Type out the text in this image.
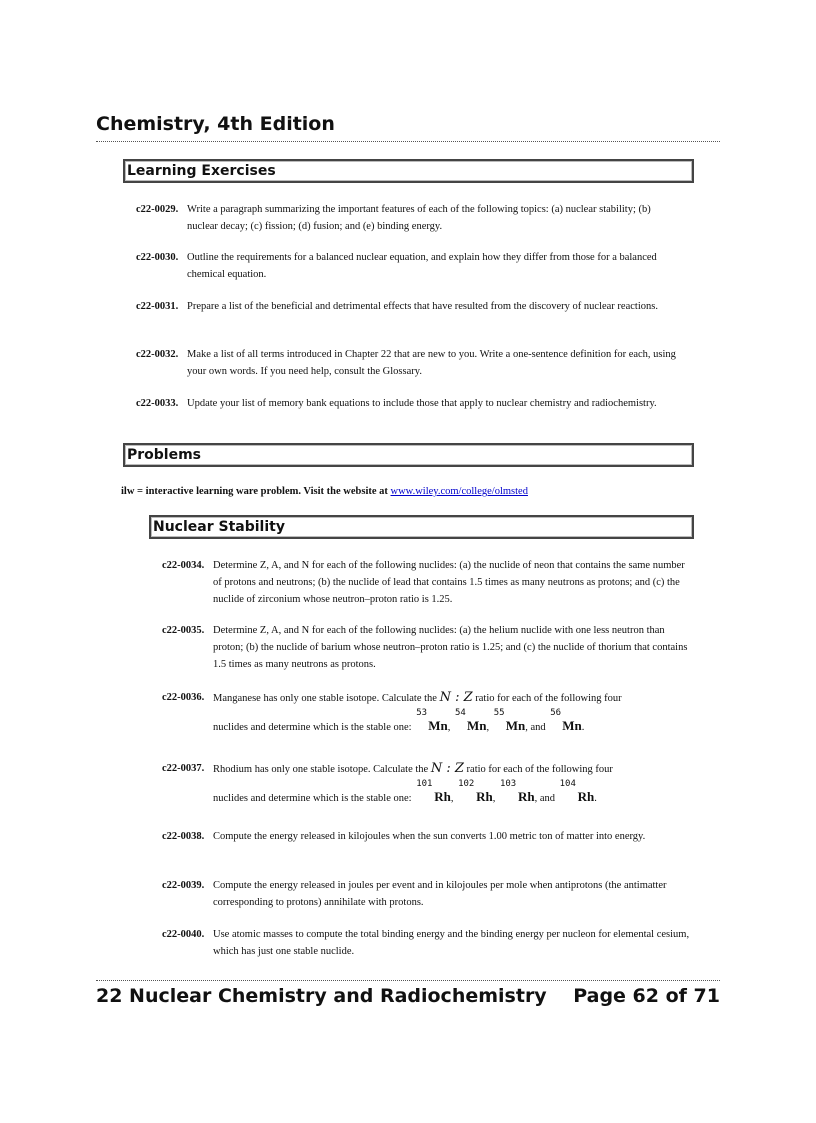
Chemistry, 4th Edition
Learning Exercises
c22-0029. Write a paragraph summarizing the important features of each of the following topics: (a) nuclear stability; (b) nuclear decay; (c) fission; (d) fusion; and (e) binding energy.
c22-0030. Outline the requirements for a balanced nuclear equation, and explain how they differ from those for a balanced chemical equation.
c22-0031. Prepare a list of the beneficial and detrimental effects that have resulted from the discovery of nuclear reactions.
c22-0032. Make a list of all terms introduced in Chapter 22 that are new to you. Write a one-sentence definition for each, using your own words. If you need help, consult the Glossary.
c22-0033. Update your list of memory bank equations to include those that apply to nuclear chemistry and radiochemistry.
Problems
ilw = interactive learning ware problem. Visit the website at www.wiley.com/college/olmsted
Nuclear Stability
c22-0034. Determine Z, A, and N for each of the following nuclides: (a) the nuclide of neon that contains the same number of protons and neutrons; (b) the nuclide of lead that contains 1.5 times as many neutrons as protons; and (c) the nuclide of zirconium whose neutron–proton ratio is 1.25.
c22-0035. Determine Z, A, and N for each of the following nuclides: (a) the helium nuclide with one less neutron than proton; (b) the nuclide of barium whose neutron–proton ratio is 1.25; and (c) the nuclide of thorium that contains 1.5 times as many neutrons as protons.
c22-0036. Manganese has only one stable isotope. Calculate the N : Z ratio for each of the following four
nuclides and determine which is the stable one:
53
Mn,
54
Mn,
55
Mn, and
56
Mn.
c22-0037. Rhodium has only one stable isotope. Calculate the N : Z ratio for each of the following four
nuclides and determine which is the stable one:
101
Rh,
102
Rh,
103
Rh, and
104
Rh.
c22-0038. Compute the energy released in kilojoules when the sun converts 1.00 metric ton of matter into energy.
c22-0039. Compute the energy released in joules per event and in kilojoules per mole when antiprotons (the antimatter corresponding to protons) annihilate with protons.
c22-0040. Use atomic masses to compute the total binding energy and the binding energy per nucleon for elemental cesium, which has just one stable nuclide.
22 Nuclear Chemistry and Radiochemistry Page 62 of 71
